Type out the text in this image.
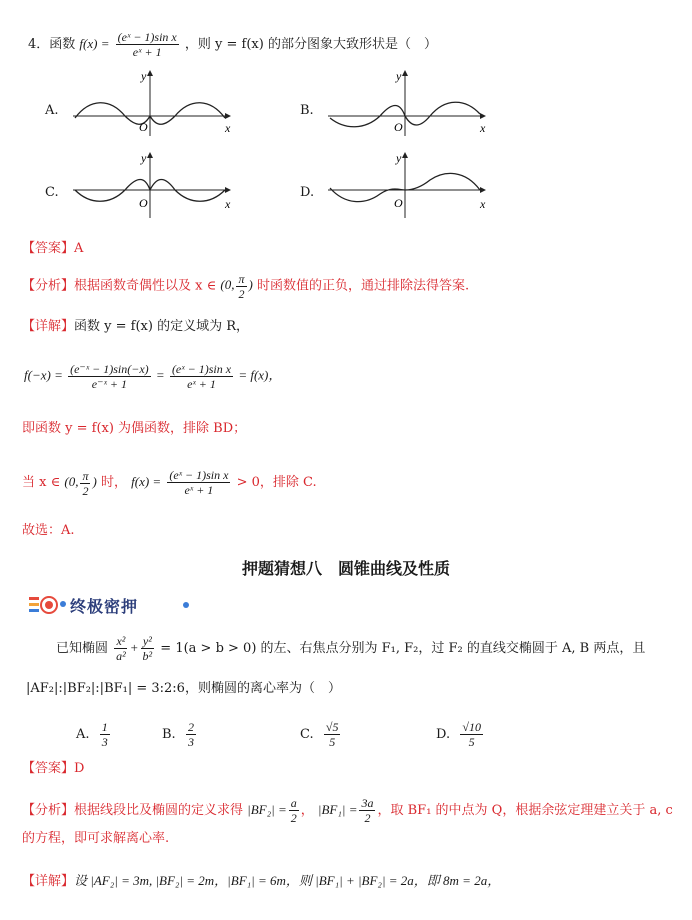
4．函数 $f(x) = \frac{\text{(eˣ − 1)sin x}}{\text{eˣ + 1}}$ ，则 y = f(x) 的部分图象大致形状是（　）
A.
y
x
O
B.
y
x
O
C.
y
x
O
D.
y
x
O
【答案】A
【分析】根据函数奇偶性以及 x ∈ (0, $\frac{\pi}{2}$ ) 时函数值的正负，通过排除法得答案.
【详解】函数 y = f(x) 的定义域为 R，
$f(-x) = \frac{\text{(e⁻ˣ − 1)sin(−x)}}{\text{e⁻ˣ + 1}} = \frac{\text{(eˣ − 1)sin x}}{\text{eˣ + 1}} = f(x)$，
即函数 y = f(x) 为偶函数，排除 BD；
当 x ∈ (0, $\frac{\pi}{2}$ ) 时， $f(x) = \frac{\text{(eˣ − 1)sin x}}{\text{eˣ + 1}} > 0$，排除 C.
故选：A.
押题猜想八　圆锥曲线及性质
终极密押
已知椭圆 $\frac{\text{x²}}{\text{a²}} + \frac{\text{y²}}{\text{b²}} = 1(a > b > 0)$ 的左、右焦点分别为 F₁, F₂，过 F₂ 的直线交椭圆于 A, B 两点，且
|AF₂|:|BF₂|:|BF₁| = 3:2:6，则椭圆的离心率为（　）
A. $\frac{1}{3}$	B. $\frac{2}{3}$	C. $\frac{√5}{5}$	D. $\frac{√10}{5}$
【答案】D
【分析】根据线段比及椭圆的定义求得 $|BF_2| = \frac{a}{2}$ ， $|BF_1| = \frac{3a}{2}$ ，取 BF₁ 的中点为 Q，根据余弦定理建立关于 a, c
的方程，即可求解离心率.
【详解】设 |AF₂| = 3m, |BF₂| = 2m，|BF₁| = 6m，则 |BF₁| + |BF₂| = 2a，即 8m = 2a，
